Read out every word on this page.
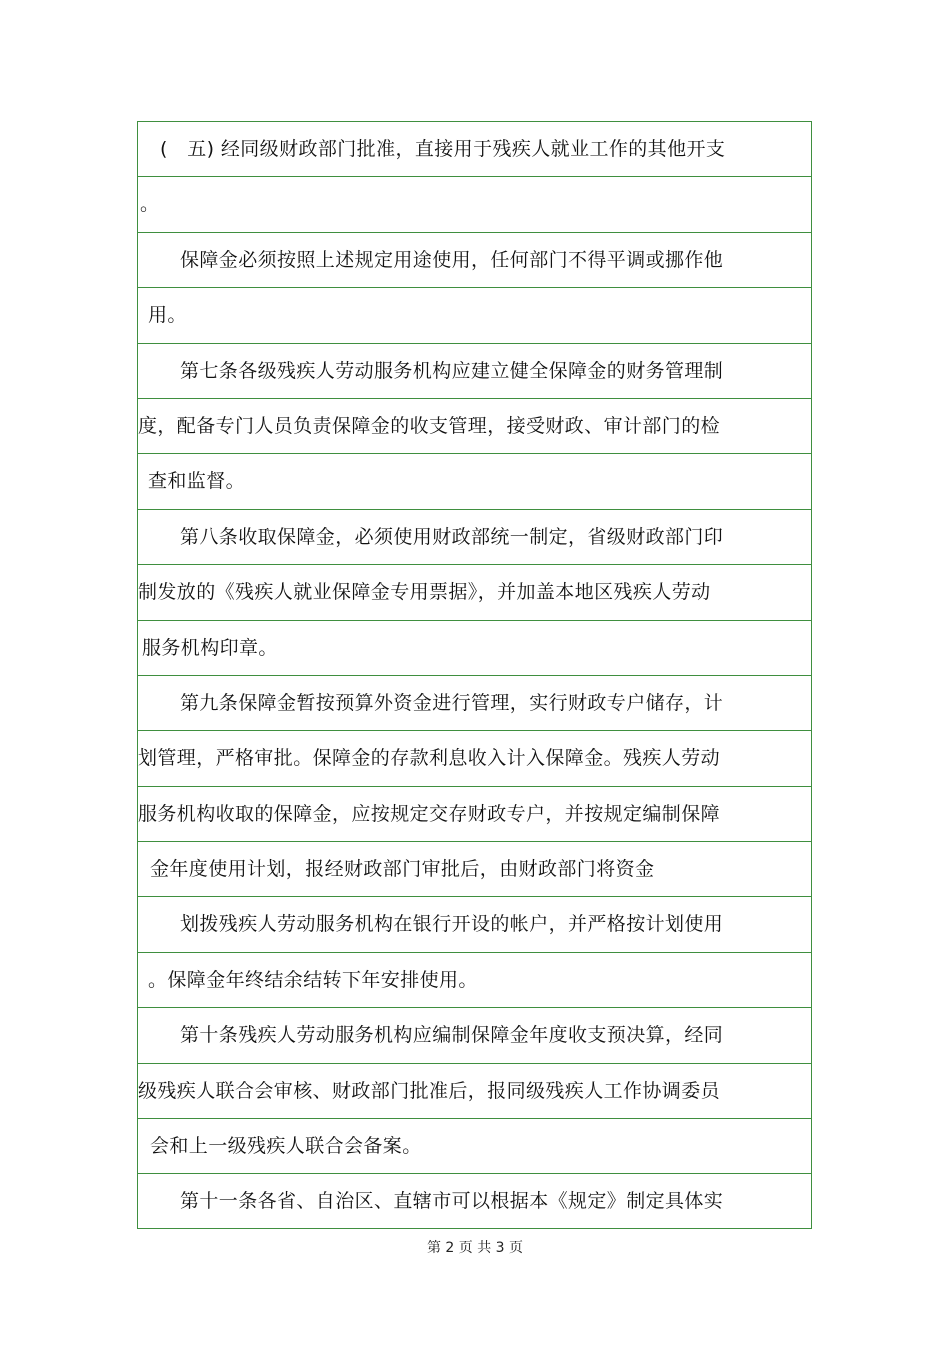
(　五) 经同级财政部门批准，直接用于残疾人就业工作的其他开支
。
保障金必须按照上述规定用途使用，任何部门不得平调或挪作他
用。
第七条各级残疾人劳动服务机构应建立健全保障金的财务管理制
度，配备专门人员负责保障金的收支管理，接受财政、审计部门的检
查和监督。
第八条收取保障金，必须使用财政部统一制定，省级财政部门印
制发放的《残疾人就业保障金专用票据》，并加盖本地区残疾人劳动
服务机构印章。
第九条保障金暂按预算外资金进行管理，实行财政专户储存，计
划管理，严格审批。保障金的存款利息收入计入保障金。残疾人劳动
服务机构收取的保障金，应按规定交存财政专户，并按规定编制保障
金年度使用计划，报经财政部门审批后，由财政部门将资金
划拨残疾人劳动服务机构在银行开设的帐户，并严格按计划使用
。保障金年终结余结转下年安排使用。
第十条残疾人劳动服务机构应编制保障金年度收支预决算，经同
级残疾人联合会审核、财政部门批准后，报同级残疾人工作协调委员
会和上一级残疾人联合会备案。
第十一条各省、自治区、直辖市可以根据本《规定》制定具体实
第 2 页 共 3 页
